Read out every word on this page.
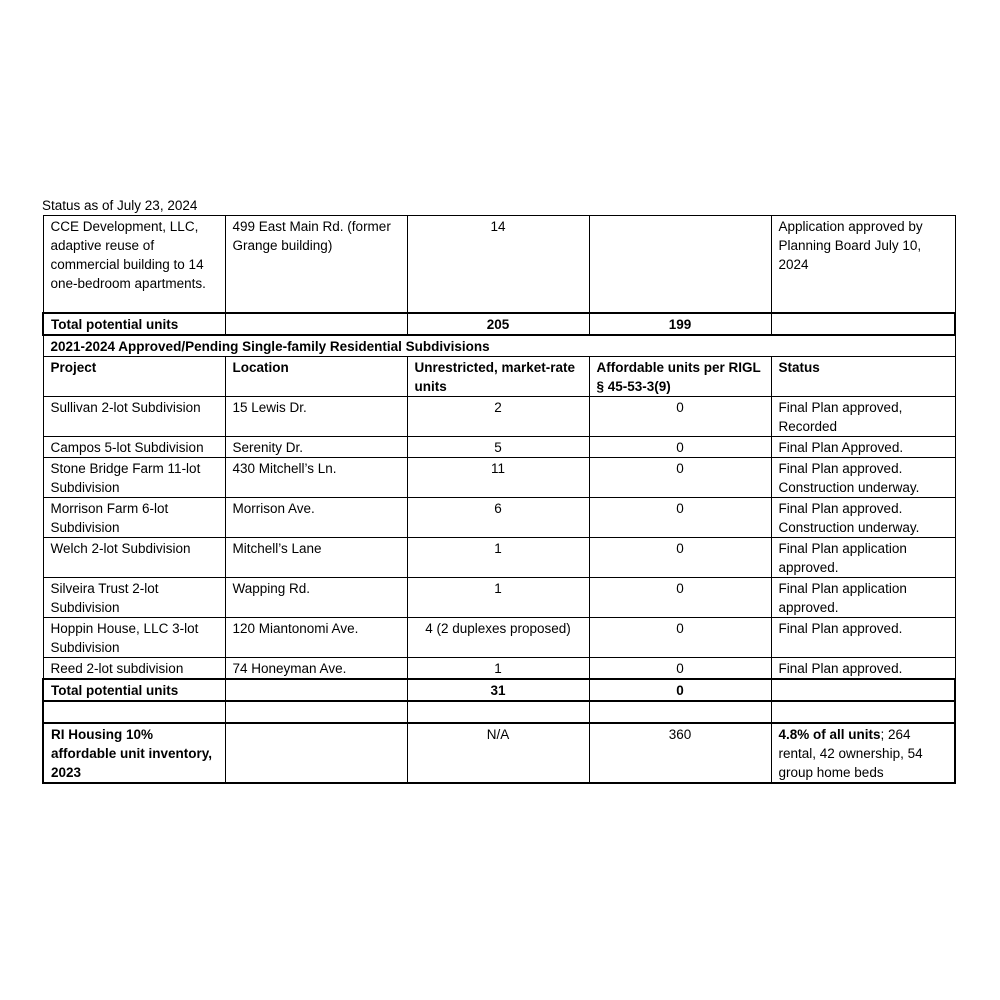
Status as of July 23, 2024
CCE Development, LLC, adaptive reuse of commercial building to 14 one-bedroom apartments.	499 East Main Rd. (former Grange building)	14		Application approved by Planning Board July 10, 2024
Total potential units		205	199	
2021-2024 Approved/Pending Single-family Residential Subdivisions				
Project	Location	Unrestricted, market-rate units	Affordable units per RIGL § 45-53-3(9)	Status
Sullivan 2-lot Subdivision	15 Lewis Dr.	2	0	Final Plan approved, Recorded
Campos 5-lot Subdivision	Serenity Dr.	5	0	Final Plan Approved.
Stone Bridge Farm 11-lot Subdivision	430 Mitchell’s Ln.	11	0	Final Plan approved. Construction underway.
Morrison Farm 6-lot Subdivision	Morrison Ave.	6	0	Final Plan approved. Construction underway.
Welch 2-lot Subdivision	Mitchell’s Lane	1	0	Final Plan application approved.
Silveira Trust 2-lot Subdivision	Wapping Rd.	1	0	Final Plan application approved.
Hoppin House, LLC 3-lot Subdivision	120 Miantonomi Ave.	4 (2 duplexes proposed)	0	Final Plan approved.
Reed 2-lot subdivision	74 Honeyman Ave.	1	0	Final Plan approved.
Total potential units		31	0	

RI Housing 10% affordable unit inventory, 2023		N/A	360	4.8% of all units; 264 rental, 42 ownership, 54 group home beds
